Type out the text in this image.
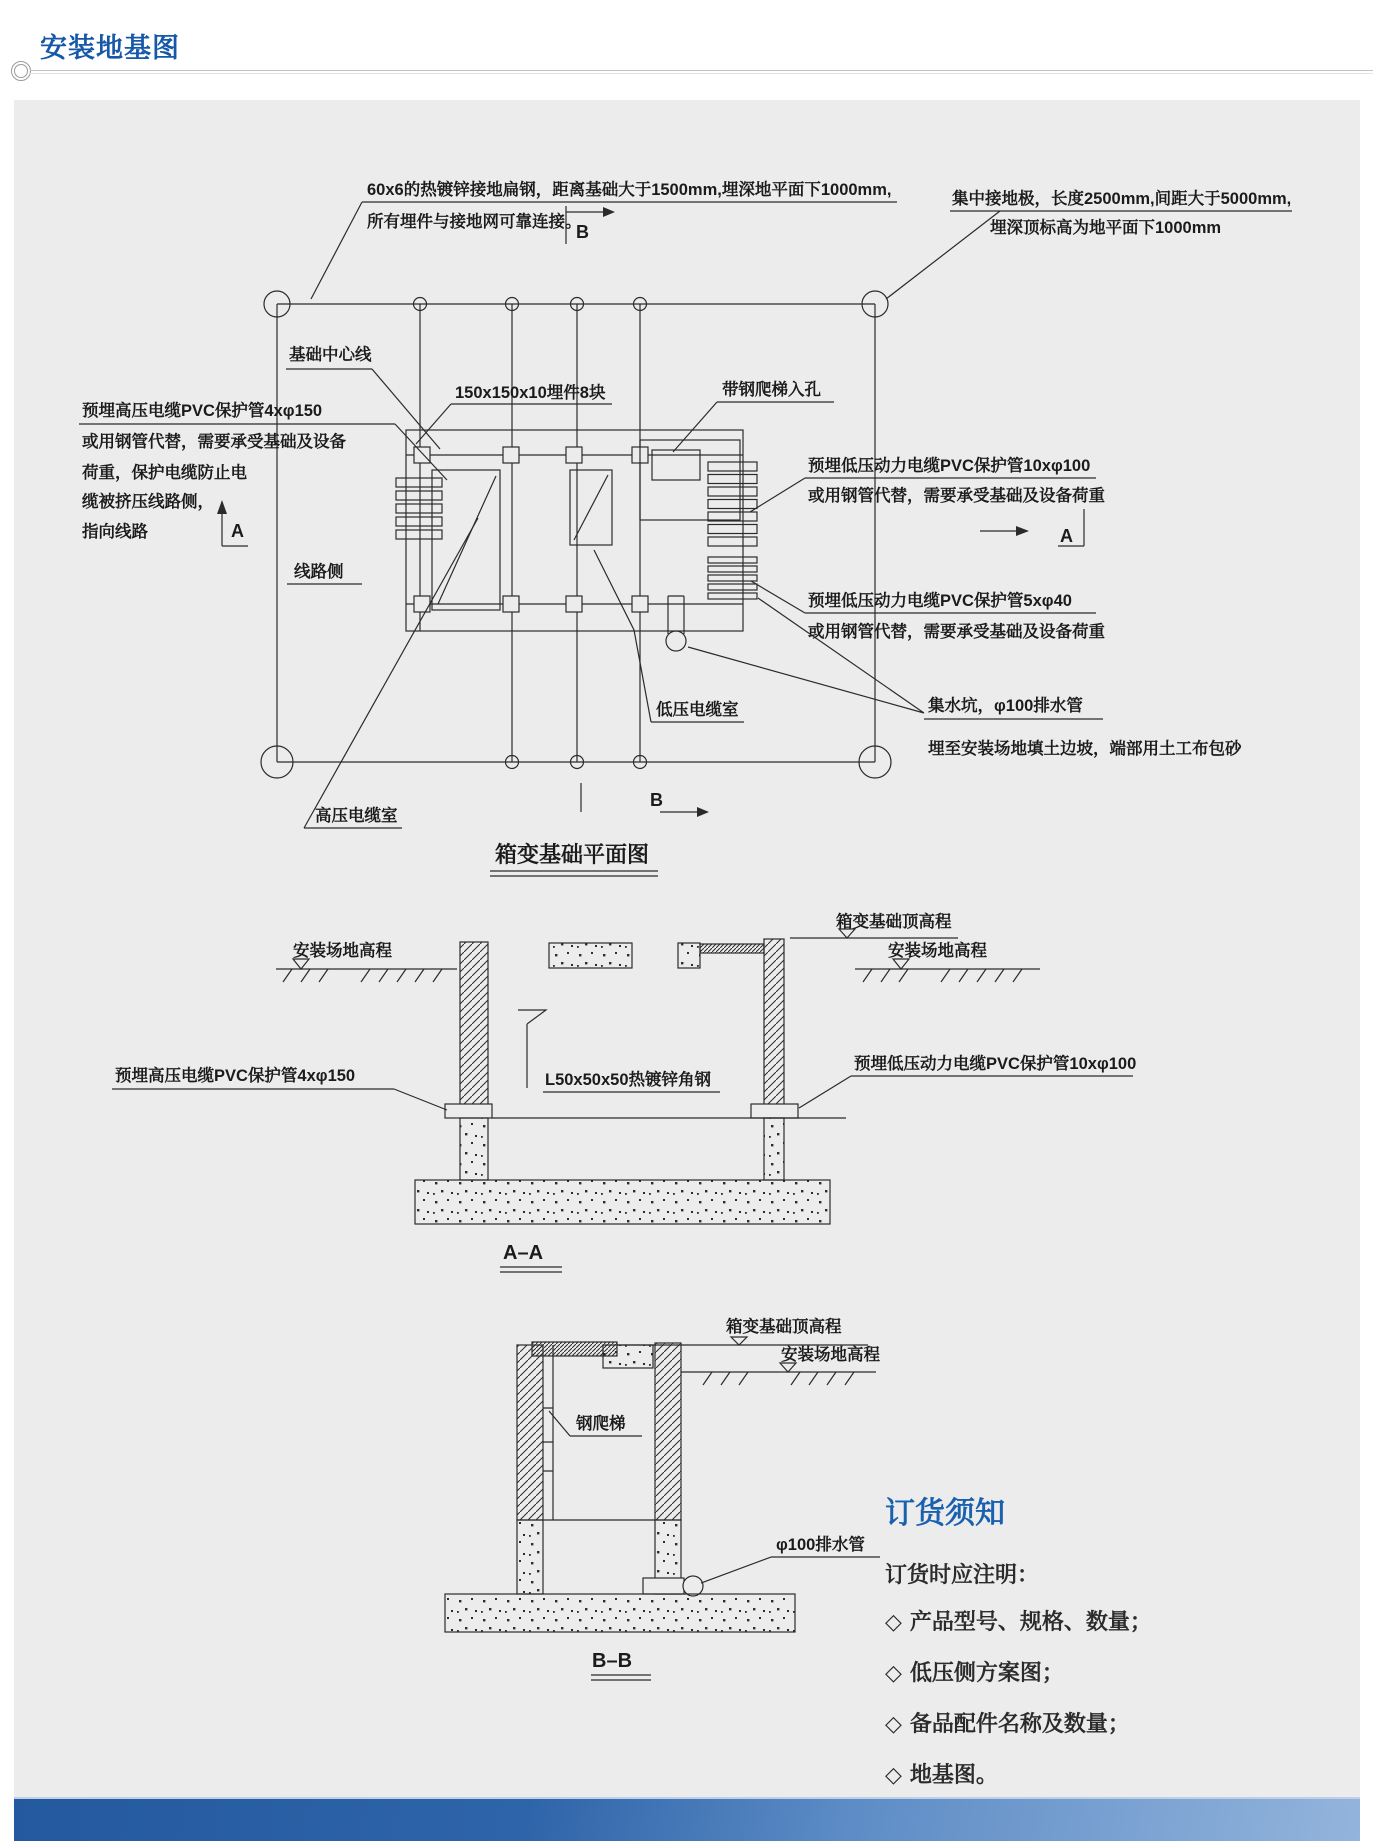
安装地基图
60x6的热镀锌接地扁钢，距离基础大于1500mm,埋深地平面下1000mm,
所有埋件与接地网可靠连接。
集中接地极，长度2500mm,间距大于5000mm,
埋深顶标高为地平面下1000mm
基础中心线
150x150x10埋件8块	带钢爬梯入孔
预埋高压电缆PVC保护管4xφ150
或用钢管代替，需要承受基础及设备
荷重，保护电缆防止电
缆被挤压线路侧，
指向线路
线路侧
A
预埋低压动力电缆PVC保护管10xφ100
或用钢管代替，需要承受基础及设备荷重
A
预埋低压动力电缆PVC保护管5xφ40
或用钢管代替，需要承受基础及设备荷重
集水坑，φ100排水管
埋至安装场地填土边坡，端部用土工布包砂
低压电缆室
高压电缆室
B
B
箱变基础平面图
安装场地高程
箱变基础顶高程
安装场地高程
L50x50x50热镀锌角钢
预埋高压电缆PVC保护管4xφ150
预埋低压动力电缆PVC保护管10xφ100
A–A
箱变基础顶高程
安装场地高程
钢爬梯
φ100排水管
B–B

订货须知

订货时应注明：

◇ 产品型号、规格、数量；

◇ 低压侧方案图；

◇ 备品配件名称及数量；

◇ 地基图。
